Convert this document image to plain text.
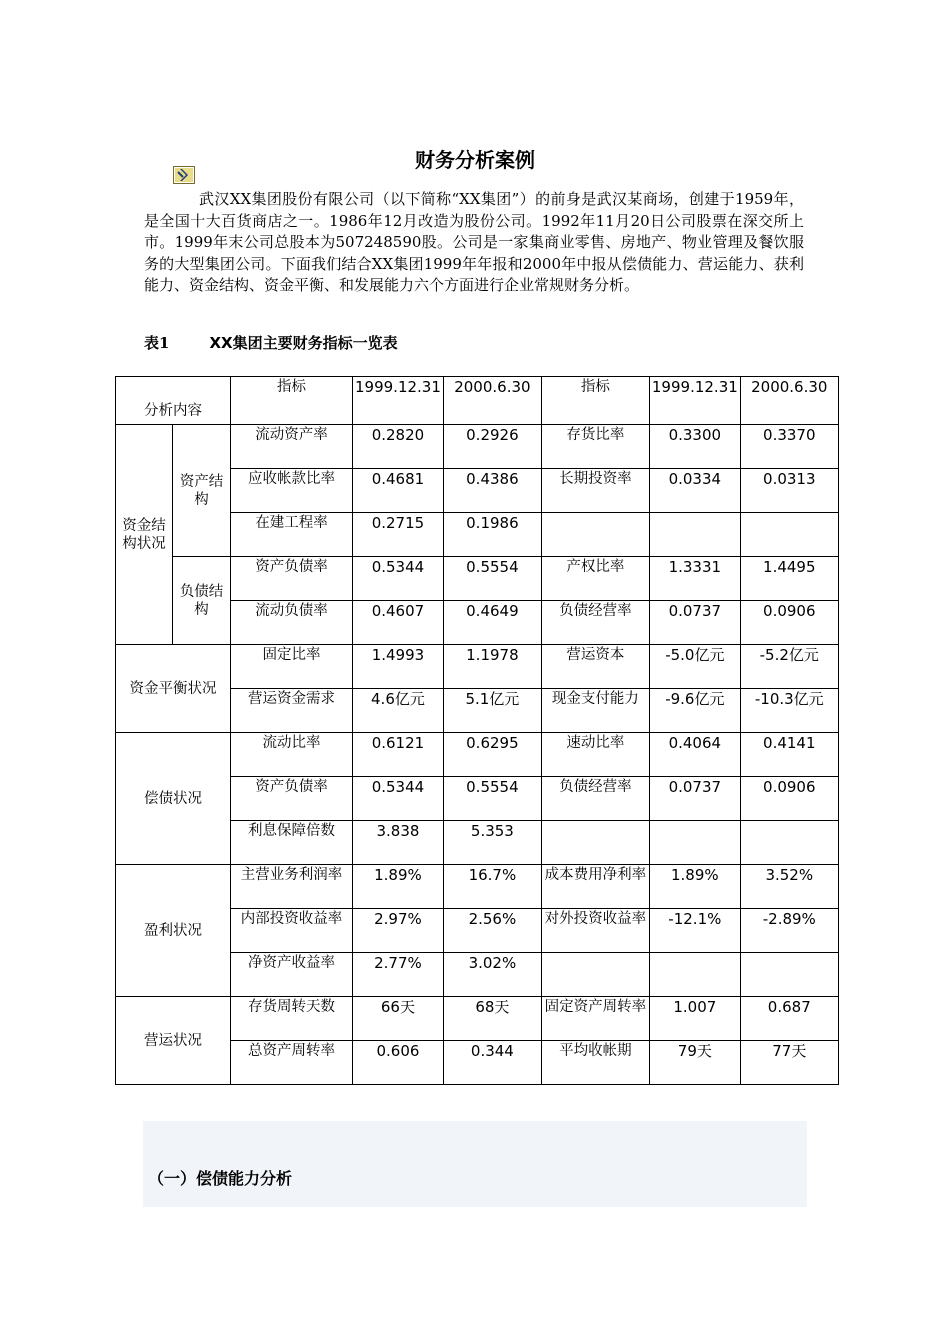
财务分析案例

武汉XX集团股份有限公司（以下简称“XX集团”）的前身是武汉某商场，创建于1959年，是全国十大百货商店之一。1986年12月改造为股份公司。1992年11月20日公司股票在深交所上市。1999年末公司总股本为507248590股。公司是一家集商业零售、房地产、物业管理及餐饮服务的大型集团公司。下面我们结合XX集团1999年年报和2000年中报从偿债能力、营运能力、获利能力、资金结构、资金平衡、和发展能力六个方面进行企业常规财务分析。

表1	XX集团主要财务指标一览表
分析内容		指标	1999.12.31	2000.6.30	指标	1999.12.31	2000.6.30
资金结构状况	资产结构	流动资产率	0.2820	0.2926	存货比率	0.3300	0.3370
		应收帐款比率	0.4681	0.4386	长期投资率	0.0334	0.0313
		在建工程率	0.2715	0.1986			
	负债结构	资产负债率	0.5344	0.5554	产权比率	1.3331	1.4495
		流动负债率	0.4607	0.4649	负债经营率	0.0737	0.0906
资金平衡状况		固定比率	1.4993	1.1978	营运资本	-5.0亿元	-5.2亿元
		营运资金需求	4.6亿元	5.1亿元	现金支付能力	-9.6亿元	-10.3亿元
偿债状况		流动比率	0.6121	0.6295	速动比率	0.4064	0.4141
		资产负债率	0.5344	0.5554	负债经营率	0.0737	0.0906
		利息保障倍数	3.838	5.353			
盈利状况		主营业务利润率	1.89%	16.7%	成本费用净利率	1.89%	3.52%
		内部投资收益率	2.97%	2.56%	对外投资收益率	-12.1%	-2.89%
		净资产收益率	2.77%	3.02%			
营运状况		存货周转天数	66天	68天	固定资产周转率	1.007	0.687
		总资产周转率	0.606	0.344	平均收帐期	79天	77天
（一）偿债能力分析
